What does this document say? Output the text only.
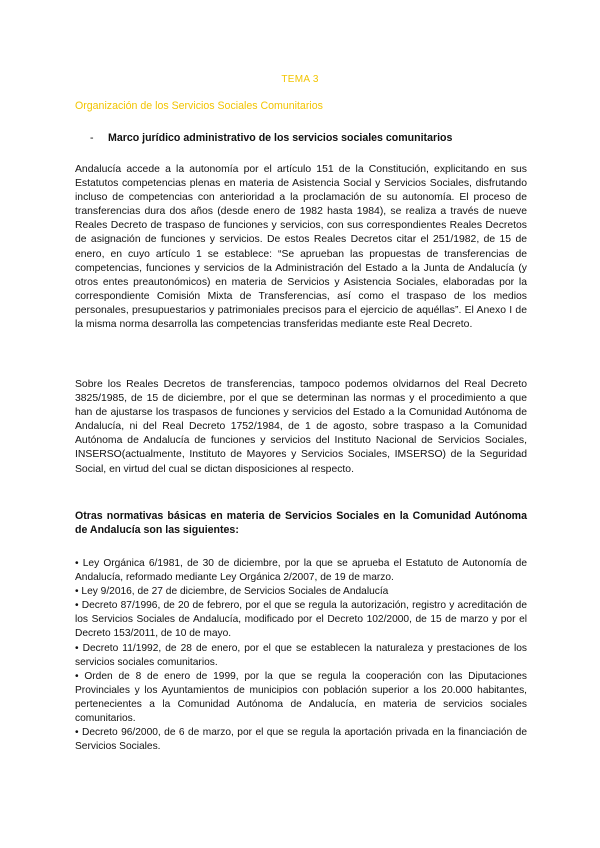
TEMA 3
Organización de los Servicios Sociales Comunitarios
- Marco jurídico administrativo de los servicios sociales comunitarios

Andalucía accede a la autonomía por el artículo 151 de la Constitución, explicitando en sus Estatutos competencias plenas en materia de Asistencia Social y Servicios Sociales, disfrutando incluso de competencias con anterioridad a la proclamación de su autonomía. El proceso de transferencias dura dos años (desde enero de 1982 hasta 1984), se realiza a través de nueve Reales Decreto de traspaso de funciones y servicios, con sus correspondientes Reales Decretos de asignación de funciones y servicios. De estos Reales Decretos citar el 251/1982, de 15 de enero, en cuyo artículo 1 se establece: “Se aprueban las propuestas de transferencias de competencias, funciones y servicios de la Administración del Estado a la Junta de Andalucía (y otros entes preautonómicos) en materia de Servicios y Asistencia Sociales, elaboradas por la correspondiente Comisión Mixta de Transferencias, así como el traspaso de los medios personales, presupuestarios y patrimoniales precisos para el ejercicio de aquéllas”. El Anexo I de la misma norma desarrolla las competencias transferidas mediante este Real Decreto.

Sobre los Reales Decretos de transferencias, tampoco podemos olvidarnos del Real Decreto 3825/1985, de 15 de diciembre, por el que se determinan las normas y el procedimiento a que han de ajustarse los traspasos de funciones y servicios del Estado a la Comunidad Autónoma de Andalucía, ni del Real Decreto 1752/1984, de 1 de agosto, sobre traspaso a la Comunidad Autónoma de Andalucía de funciones y servicios del Instituto Nacional de Servicios Sociales, INSERSO(actualmente, Instituto de Mayores y Servicios Sociales, IMSERSO) de la Seguridad Social, en virtud del cual se dictan disposiciones al respecto.

Otras normativas básicas en materia de Servicios Sociales en la Comunidad Autónoma de Andalucía son las siguientes:

• Ley Orgánica 6/1981, de 30 de diciembre, por la que se aprueba el Estatuto de Autonomía de Andalucía, reformado mediante Ley Orgánica 2/2007, de 19 de marzo.
• Ley 9/2016, de 27 de diciembre, de Servicios Sociales de Andalucía
• Decreto 87/1996, de 20 de febrero, por el que se regula la autorización, registro y acreditación de los Servicios Sociales de Andalucía, modificado por el Decreto 102/2000, de 15 de marzo y por el Decreto 153/2011, de 10 de mayo.
• Decreto 11/1992, de 28 de enero, por el que se establecen la naturaleza y prestaciones de los servicios sociales comunitarios.
• Orden de 8 de enero de 1999, por la que se regula la cooperación con las Diputaciones Provinciales y los Ayuntamientos de municipios con población superior a los 20.000 habitantes, pertenecientes a la Comunidad Autónoma de Andalucía, en materia de servicios sociales comunitarios.
• Decreto 96/2000, de 6 de marzo, por el que se regula la aportación privada en la financiación de Servicios Sociales.
